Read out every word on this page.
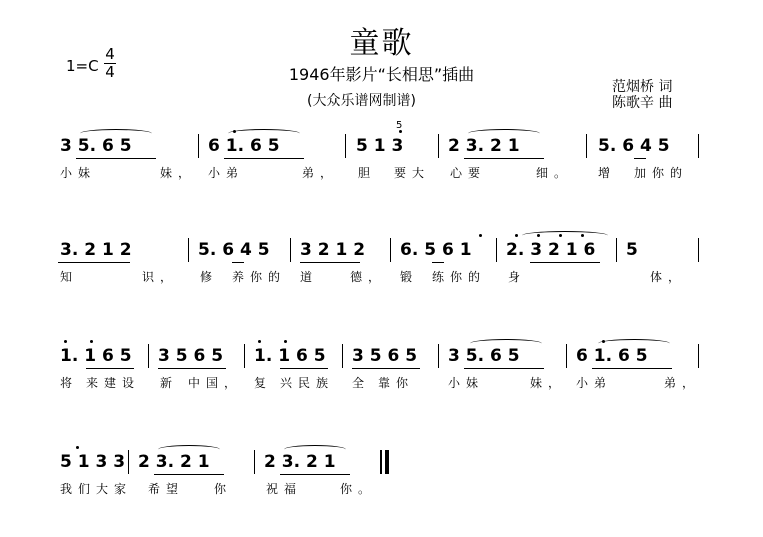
童歌
1946年影片“长相思”插曲
(大众乐谱网制谱)
1=C
4
4
范烟桥 词
陈歌辛 曲
3 5. 6 5	6 1. 6 5	5 1 3	2 3. 2 1	5. 6 4 5
5
小妹	妹， 小弟	弟， 胆 要大 心要	细。 增 加你的
3. 2 1 2	5. 6 4 5 3 2 1 2 6. 5 6 1 2. 3 2 1 6 5
知	识， 修 养你的 道	德， 锻 练你的 身	体，
1. 1 6 5 3 5 6 5 1. 1 6 5 3 5 6 5 3 5. 6 5	6 1. 6 5
将 来建设 新 中国， 复 兴民族 全 靠你	小妹	妹， 小弟	弟，
5 1 3 3 2 3. 2 1	2 3. 2 1
我们大家 希望 你	祝福	你。
